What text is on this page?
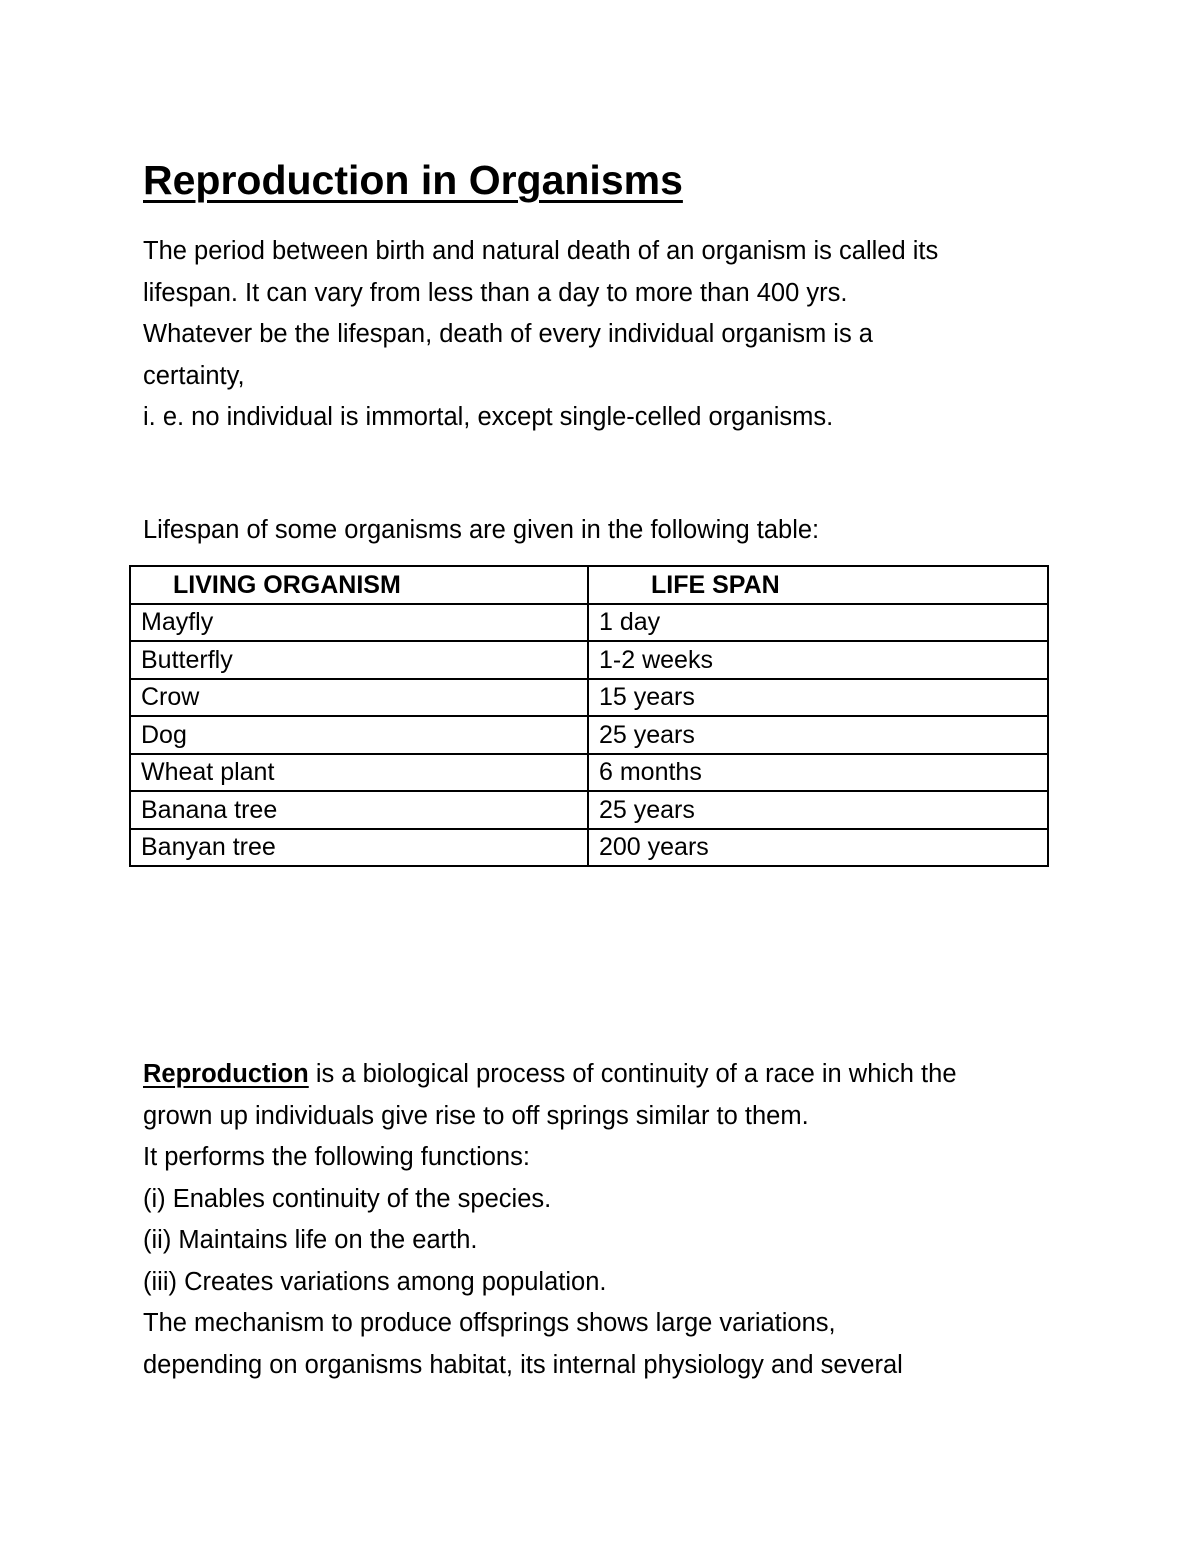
Reproduction in Organisms
The period between birth and natural death of an organism is called its
lifespan. It can vary from less than a day to more than 400 yrs.
Whatever be the lifespan, death of every individual organism is a
certainty,
i. e. no individual is immortal, except single-celled organisms.
Lifespan of some organisms are given in the following table:
LIVING ORGANISM	LIFE SPAN
Mayfly	1 day
Butterfly	1-2 weeks
Crow	15 years
Dog	25 years
Wheat plant	6 months
Banana tree	25 years
Banyan tree	200 years
Reproduction is a biological process of continuity of a race in which the
grown up individuals give rise to off springs similar to them.
It performs the following functions:
(i) Enables continuity of the species.
(ii) Maintains life on the earth.
(iii) Creates variations among population.
The mechanism to produce offsprings shows large variations,
depending on organisms habitat, its internal physiology and several
